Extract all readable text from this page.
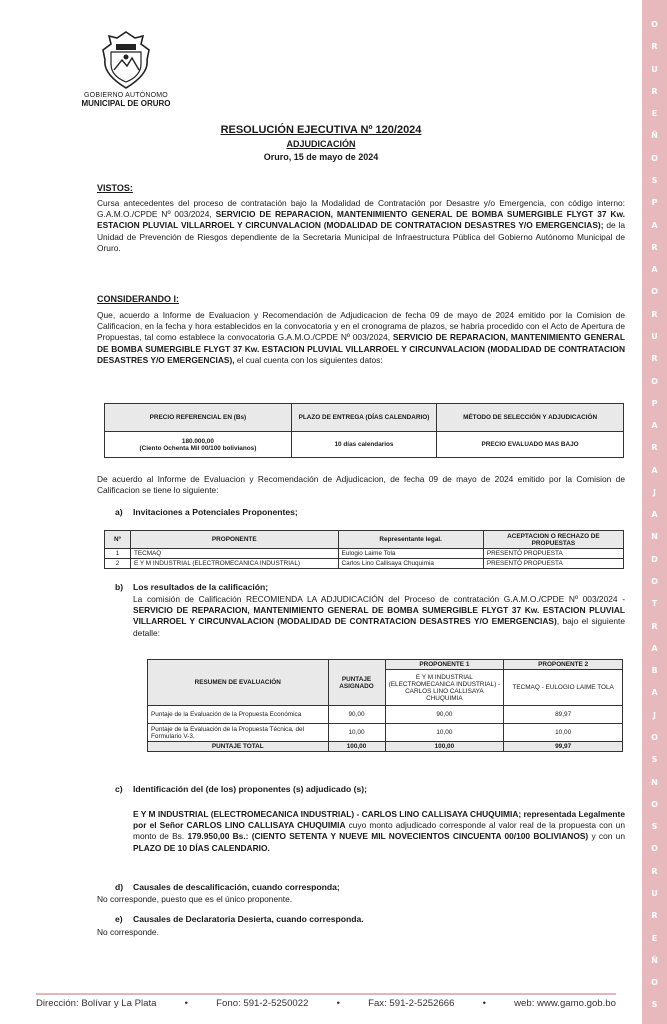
O
R
U
R
E
Ñ
O
S
P
A
R
A
O
R
U
R
O
P
A
R
A
J
A
N
D
O
T
R
A
B
A
J
O
S
N
O
S
O
R
U
R
E
Ñ
O
S
GOBIERNO AUTÓNOMO
MUNICIPAL DE ORURO
RESOLUCIÓN EJECUTIVA Nº 120/2024
ADJUDICACIÓN
Oruro, 15 de mayo de 2024
VISTOS:
Cursa antecedentes del proceso de contratación bajo la Modalidad de Contratación por Desastre y/o Emergencia, con código interno: G.A.M.O./CPDE Nº 003/2024, SERVICIO DE REPARACION, MANTENIMIENTO GENERAL DE BOMBA SUMERGIBLE FLYGT 37 Kw. ESTACION PLUVIAL VILLARROEL Y CIRCUNVALACION (MODALIDAD DE CONTRATACION DESASTRES Y/O EMERGENCIAS); de la Unidad de Prevención de Riesgos dependiente de la Secretaria Municipal de Infraestructura Pública del Gobierno Autónomo Municipal de Oruro.
CONSIDERANDO I:
Que, acuerdo a Informe de Evaluacion y Recomendación de Adjudicacion de fecha 09 de mayo de 2024 emitido por la Comision de Calificacion, en la fecha y hora establecidos en la convocatoria y en el cronograma de plazos, se habria procedido con el Acto de Apertura de Propuestas, tal como establece la convocatoria G.A.M.O./CPDE Nº 003/2024, SERVICIO DE REPARACION, MANTENIMIENTO GENERAL DE BOMBA SUMERGIBLE FLYGT 37 Kw. ESTACION PLUVIAL VILLARROEL Y CIRCUNVALACION (MODALIDAD DE CONTRATACION DESASTRES Y/O EMERGENCIAS), el cual cuenta con los siguientes datos:
PRECIO REFERENCIAL EN (Bs)	PLAZO DE ENTREGA (DÍAS CALENDARIO)	MÉTODO DE SELECCIÓN Y ADJUDICACIÓN
180.000,00
(Ciento Ochenta Mil 00/100 bolivianos)	10 días calendarios	PRECIO EVALUADO MAS BAJO
De acuerdo al Informe de Evaluacion y Recomendación de Adjudicacion, de fecha 09 de mayo de 2024 emitido por la Comision de Calificacion se tiene lo siguiente:
a) Invitaciones a Potenciales Proponentes;
Nº	PROPONENTE	Representante legal.	ACEPTACION O RECHAZO DE PROPUESTAS
1	TECMAQ	Eulogio Laime Tola	PRESENTÓ PROPUESTA
2	E Y M INDUSTRIAL (ELECTROMECANICA INDUSTRIAL)	Carlos Lino Callisaya Chuquimia	PRESENTÓ PROPUESTA
b) Los resultados de la calificación;
La comisión de Calificación RECOMIENDA LA ADJUDICACIÓN del Proceso de contratación G.A.M.O./CPDE Nº 003/2024 - SERVICIO DE REPARACION, MANTENIMIENTO GENERAL DE BOMBA SUMERGIBLE FLYGT 37 Kw. ESTACION PLUVIAL VILLARROEL Y CIRCUNVALACION (MODALIDAD DE CONTRATACION DESASTRES Y/O EMERGENCIAS), bajo el siguiente detalle:
RESUMEN DE EVALUACIÓN	PUNTAJE ASIGNADO	PROPONENTE 1	PROPONENTE 2
		E Y M INDUSTRIAL (ELECTROMECANICA INDUSTRIAL) - CARLOS LINO CALLISAYA CHUQUIMIA	TECMAQ - EULOGIO LAIME TOLA
Puntaje de la Evaluación de la Propuesta Económica	90,00	90,00	89,97
Puntaje de la Evaluación de la Propuesta Técnica, del Formulario V-3.	10,00	10,00	10,00
PUNTAJE TOTAL	100,00	100,00	99,97
c) Identificación del (de los) proponentes (s) adjudicado (s);
E Y M INDUSTRIAL (ELECTROMECANICA INDUSTRIAL) - CARLOS LINO CALLISAYA CHUQUIMIA; representada Legalmente por el Señor CARLOS LINO CALLISAYA CHUQUIMIA cuyo monto adjudicado corresponde al valor real de la propuesta con un monto de Bs. 179.950,00 Bs.: (CIENTO SETENTA Y NUEVE MIL NOVECIENTOS CINCUENTA 00/100 BOLIVIANOS) y con un PLAZO DE 10 DÍAS CALENDARIO.
d) Causales de descalificación, cuando corresponda;
No corresponde, puesto que es el único proponente.
e) Causales de Declaratoria Desierta, cuando corresponda.
No corresponde.
Dirección: Bolívar y La Plata	•	Fono: 591-2-5250022	•	Fax: 591-2-5252666	•	web: www.gamo.gob.bo
